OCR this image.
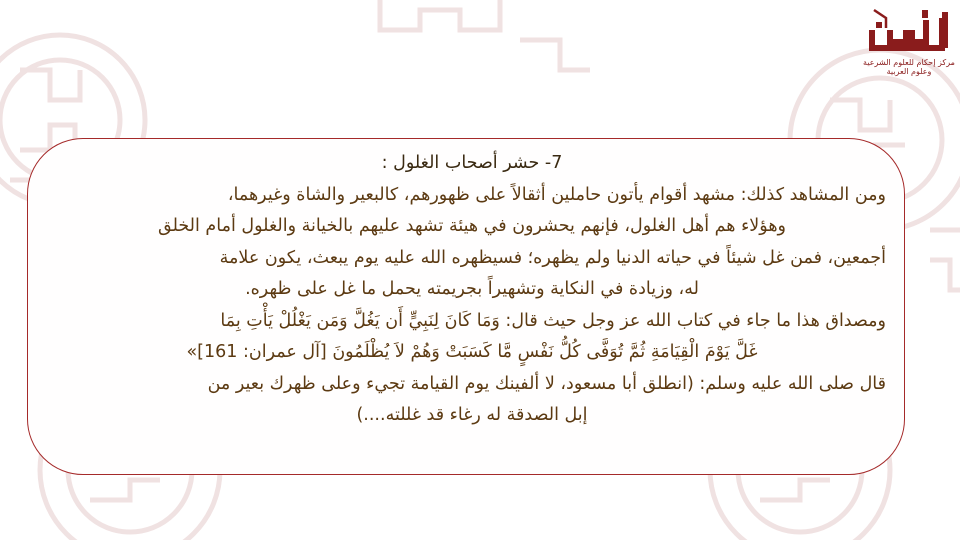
مركز إحكام للعلوم الشرعية وعلوم العربية

7- حشر أصحاب الغلول :

ومن المشاهد كذلك: مشهد أقوام يأتون حاملين أثقالاً على ظهورهم، كالبعير والشاة وغيرهما،

وهؤلاء هم أهل الغلول، فإنهم يحشرون في هيئة تشهد عليهم بالخيانة والغلول أمام الخلق

أجمعين، فمن غل شيئاً في حياته الدنيا ولم يظهره؛ فسيظهره الله عليه يوم يبعث، يكون علامة

له، وزيادة في النكاية وتشهيراً بجريمته يحمل ما غل على ظهره.

ومصداق هذا ما جاء في كتاب الله عز وجل حيث قال: وَمَا كَانَ لِنَبِيٍّ أَن يَغُلَّ وَمَن يَغْلُلْ يَأْتِ بِمَا

غَلَّ يَوْمَ الْقِيَامَةِ ثُمَّ تُوَفَّى كُلُّ نَفْسٍ مَّا كَسَبَتْ وَهُمْ لاَ يُظْلَمُونَ [آل عمران: 161]»

قال صلى الله عليه وسلم: (انطلق أبا مسعود، لا ألفينك يوم القيامة تجيء وعلى ظهرك بعير من

إبل الصدقة له رغاء قد غللته....)
